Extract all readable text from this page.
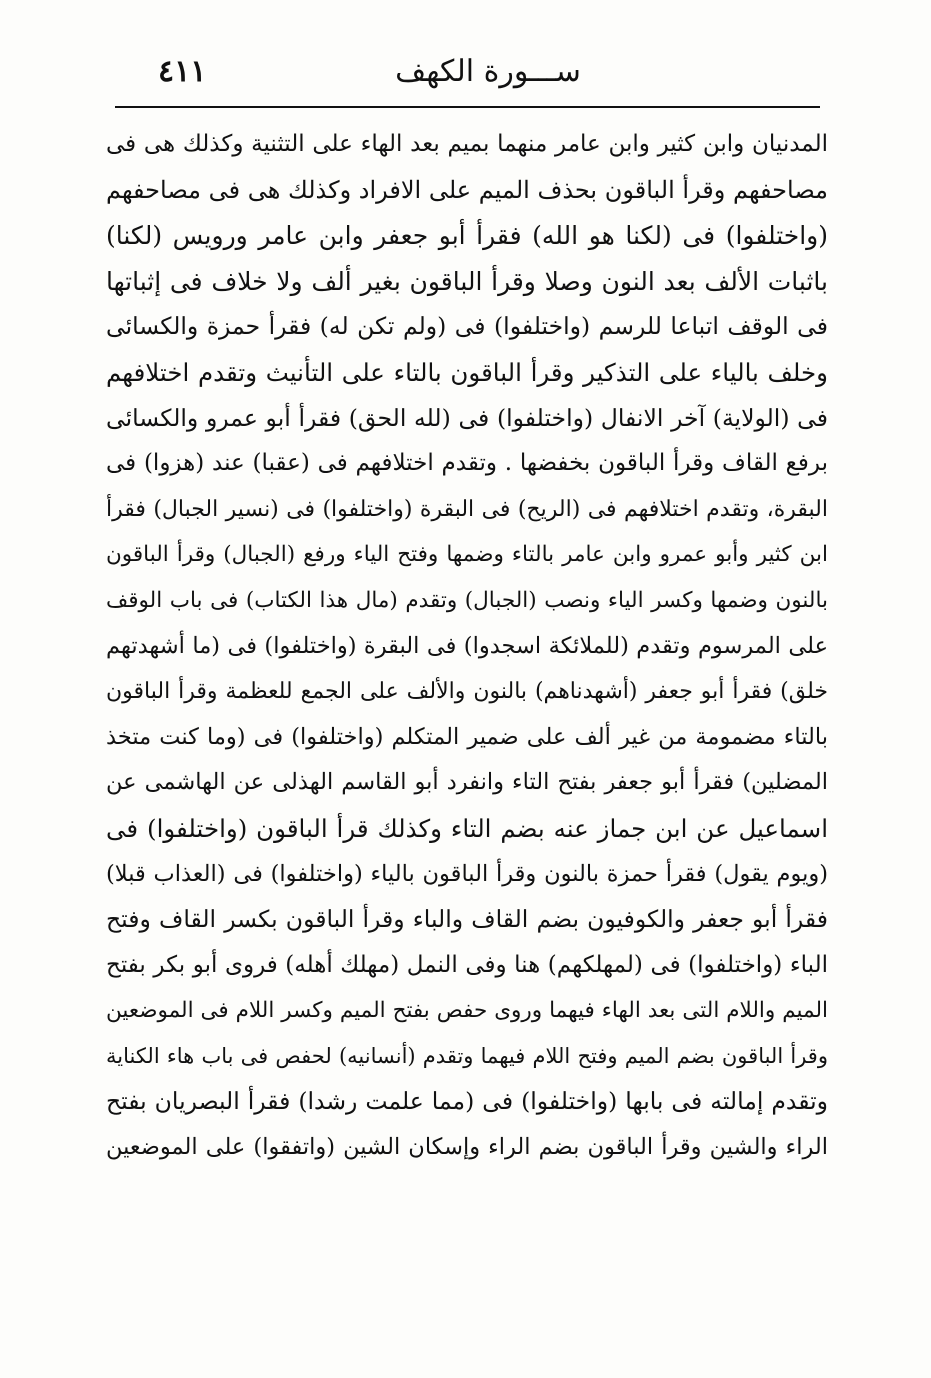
٤١١	ســـورة الكهف
المدنيان وابن كثير وابن عامر منهما بميم بعد الهاء على التثنية وكذلك هى فى
مصاحفهم وقرأ الباقون بحذف الميم على الافراد وكذلك هى فى مصاحفهم
(واختلفوا) فى (لكنا هو الله) فقرأ أبو جعفر وابن عامر ورويس (لكنا)
باثبات الألف بعد النون وصلا وقرأ الباقون بغير ألف ولا خلاف فى إثباتها
فى الوقف اتباعا للرسم (واختلفوا) فى (ولم تكن له) فقرأ حمزة والكسائى
وخلف بالياء على التذكير وقرأ الباقون بالتاء على التأنيث وتقدم اختلافهم
فى (الولاية) آخر الانفال (واختلفوا) فى (لله الحق) فقرأ أبو عمرو والكسائى
برفع القاف وقرأ الباقون بخفضها . وتقدم اختلافهم فى (عقبا) عند (هزوا) فى
البقرة، وتقدم اختلافهم فى (الريح) فى البقرة (واختلفوا) فى (نسير الجبال) فقرأ
ابن كثير وأبو عمرو وابن عامر بالتاء وضمها وفتح الياء ورفع (الجبال) وقرأ الباقون
بالنون وضمها وكسر الياء ونصب (الجبال) وتقدم (مال هذا الكتاب) فى باب الوقف
على المرسوم وتقدم (للملائكة اسجدوا) فى البقرة (واختلفوا) فى (ما أشهدتهم
خلق) فقرأ أبو جعفر (أشهدناهم) بالنون والألف على الجمع للعظمة وقرأ الباقون
بالتاء مضمومة من غير ألف على ضمير المتكلم (واختلفوا) فى (وما كنت متخذ
المضلين) فقرأ أبو جعفر بفتح التاء وانفرد أبو القاسم الهذلى عن الهاشمى عن
اسماعيل عن ابن جماز عنه بضم التاء وكذلك قرأ الباقون (واختلفوا) فى
(ويوم يقول) فقرأ حمزة بالنون وقرأ الباقون بالياء (واختلفوا) فى (العذاب قبلا)
فقرأ أبو جعفر والكوفيون بضم القاف والباء وقرأ الباقون بكسر القاف وفتح
الباء (واختلفوا) فى (لمهلكهم) هنا وفى النمل (مهلك أهله) فروى أبو بكر بفتح
الميم واللام التى بعد الهاء فيهما وروى حفص بفتح الميم وكسر اللام فى الموضعين
وقرأ الباقون بضم الميم وفتح اللام فيهما وتقدم (أنسانيه) لحفص فى باب هاء الكناية
وتقدم إمالته فى بابها (واختلفوا) فى (مما علمت رشدا) فقرأ البصريان بفتح
الراء والشين وقرأ الباقون بضم الراء وإسكان الشين (واتفقوا) على الموضعين
